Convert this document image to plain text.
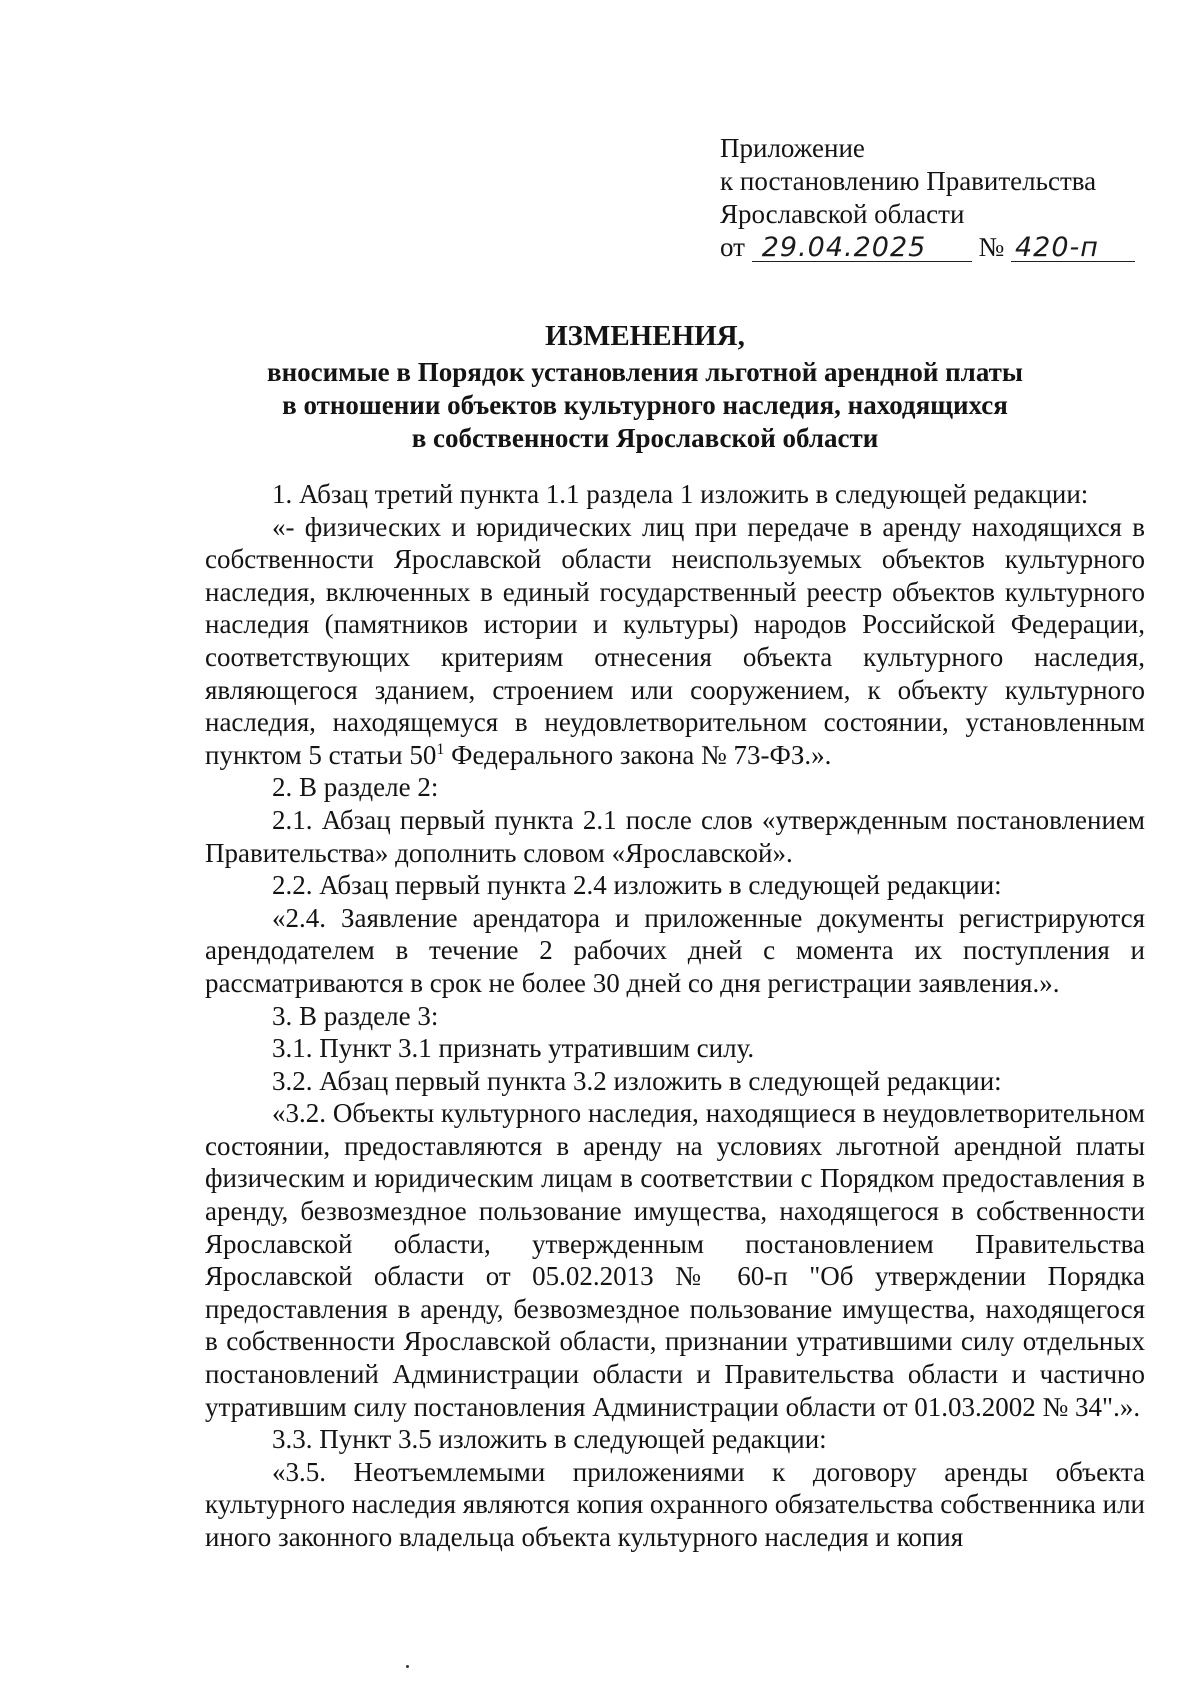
Приложение
к постановлению Правительства
Ярославской области
от 29.04.2025 № 420-п
ИЗМЕНЕНИЯ,
вносимые в Порядок установления льготной арендной платы
в отношении объектов культурного наследия, находящихся
в собственности Ярославской области

1. Абзац третий пункта 1.1 раздела 1 изложить в следующей редакции:

«- физических и юридических лиц при передаче в аренду находящихся в собственности Ярославской области неиспользуемых объектов культурного наследия, включенных в единый государственный реестр объектов культурного наследия (памятников истории и культуры) народов Российской Федерации, соответствующих критериям отнесения объекта культурного наследия, являющегося зданием, строением или сооружением, к объекту культурного наследия, находящемуся в неудовлетворительном состоянии, установленным пунктом 5 статьи $50^1$ Федерального закона № 73-ФЗ.».

2. В разделе 2:

2.1. Абзац первый пункта 2.1 после слов «утвержденным постановлением Правительства» дополнить словом «Ярославской».

2.2. Абзац первый пункта 2.4 изложить в следующей редакции:

«2.4. Заявление арендатора и приложенные документы регистрируются арендодателем в течение 2 рабочих дней с момента их поступления и рассматриваются в срок не более 30 дней со дня регистрации заявления.».

3. В разделе 3:

3.1. Пункт 3.1 признать утратившим силу.

3.2. Абзац первый пункта 3.2 изложить в следующей редакции:

«3.2. Объекты культурного наследия, находящиеся в неудовлетворительном состоянии, предоставляются в аренду на условиях льготной арендной платы физическим и юридическим лицам в соответствии с Порядком предоставления в аренду, безвозмездное пользование имущества, находящегося в собственности Ярославской области, утвержденным постановлением Правительства Ярославской области от 05.02.2013 № 60-п "Об утверждении Порядка предоставления в аренду, безвозмездное пользование имущества, находящегося в собственности Ярославской области, признании утратившими силу отдельных постановлений Администрации области и Правительства области и частично утратившим силу постановления Администрации области от 01.03.2002 № 34".».

3.3. Пункт 3.5 изложить в следующей редакции:

«3.5. Неотъемлемыми приложениями к договору аренды объекта культурного наследия являются копия охранного обязательства собственника или иного законного владельца объекта культурного наследия и копия
